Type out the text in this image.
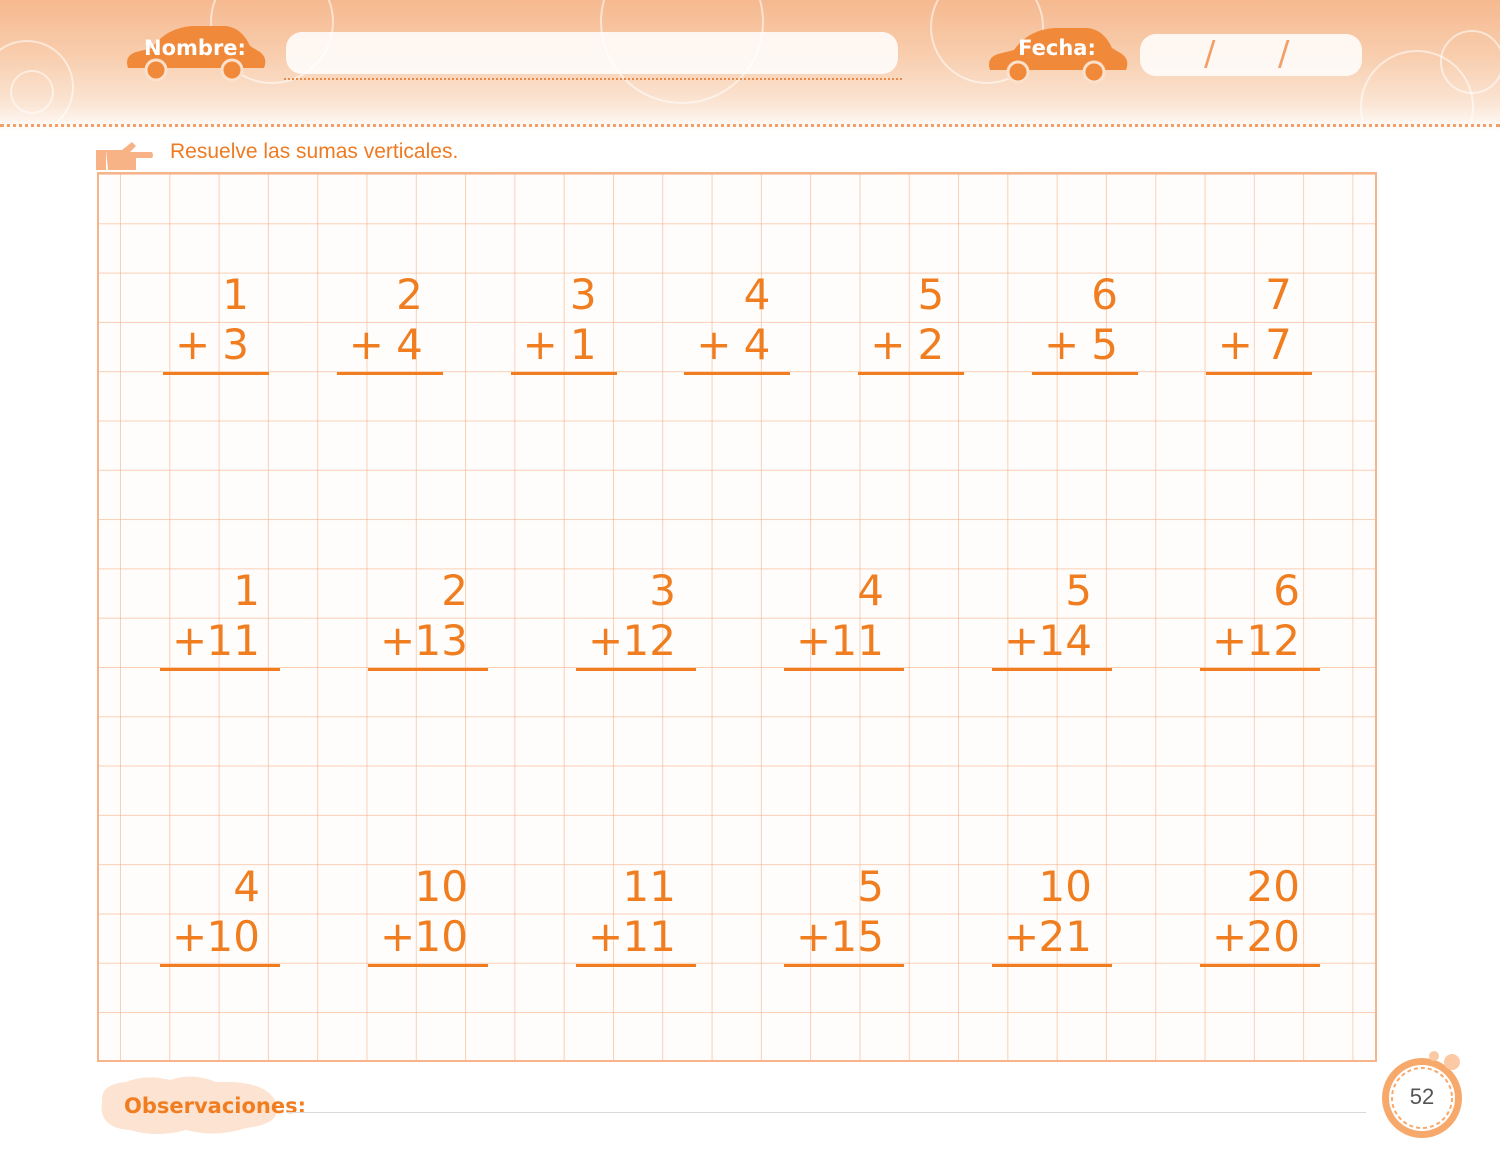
Nombre:	Fecha:	/ /
Resuelve las sumas verticales.
1
+ 3
2
+ 4
3
+ 1
4
+ 4
5
+ 2
6
+ 5
7
+ 7
1
+ 11
2
+ 13
3
+ 12
4
+ 11
5
+ 14
6
+ 12
4
+ 10
10
+ 10
11
+ 11
5
+ 15
10
+ 21
20
+ 20
Observaciones:	52
